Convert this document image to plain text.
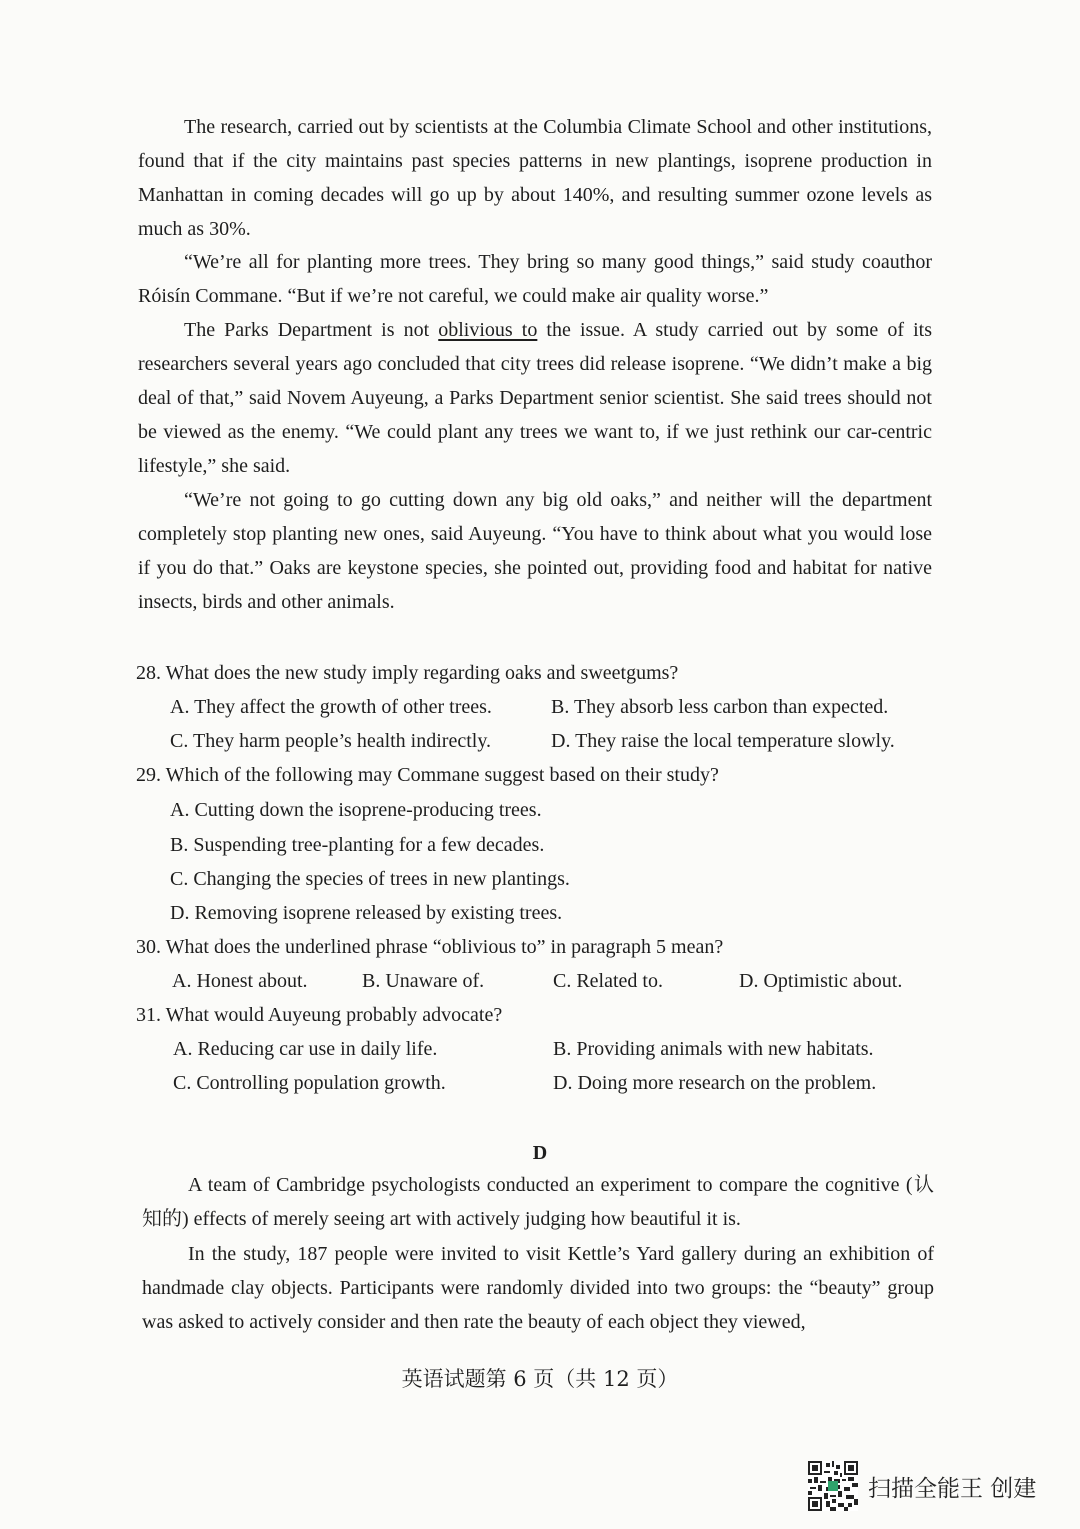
The research, carried out by scientists at the Columbia Climate School and other institutions, found that if the city maintains past species patterns in new plantings, isoprene production in Manhattan in coming decades will go up by about 140%, and resulting summer ozone levels as much as 30%.

“We’re all for planting more trees. They bring so many good things,” said study coauthor Róisín Commane. “But if we’re not careful, we could make air quality worse.”

The Parks Department is not oblivious to the issue. A study carried out by some of its researchers several years ago concluded that city trees did release isoprene. “We didn’t make a big deal of that,” said Novem Auyeung, a Parks Department senior scientist. She said trees should not be viewed as the enemy. “We could plant any trees we want to, if we just rethink our car-centric lifestyle,” she said.

“We’re not going to go cutting down any big old oaks,” and neither will the department completely stop planting new ones, said Auyeung. “You have to think about what you would lose if you do that.” Oaks are keystone species, she pointed out, providing food and habitat for native insects, birds and other animals.

28. What does the new study imply regarding oaks and sweetgums?

A. They affect the growth of other trees.	B. They absorb less carbon than expected.
C. They harm people’s health indirectly.	D. They raise the local temperature slowly.

29. Which of the following may Commane suggest based on their study?

A. Cutting down the isoprene-producing trees.
B. Suspending tree-planting for a few decades.
C. Changing the species of trees in new plantings.
D. Removing isoprene released by existing trees.

30. What does the underlined phrase “oblivious to” in paragraph 5 mean?

A. Honest about.	B. Unaware of.	C. Related to.	D. Optimistic about.

31. What would Auyeung probably advocate?

A. Reducing car use in daily life.	B. Providing animals with new habitats.
C. Controlling population growth.	D. Doing more research on the problem.
D

A team of Cambridge psychologists conducted an experiment to compare the cognitive (认知的) effects of merely seeing art with actively judging how beautiful it is.

In the study, 187 people were invited to visit Kettle’s Yard gallery during an exhibition of handmade clay objects. Participants were randomly divided into two groups: the “beauty” group was asked to actively consider and then rate the beauty of each object they viewed,

英语试题第 6 页（共 12 页）
扫描全能王 创建
